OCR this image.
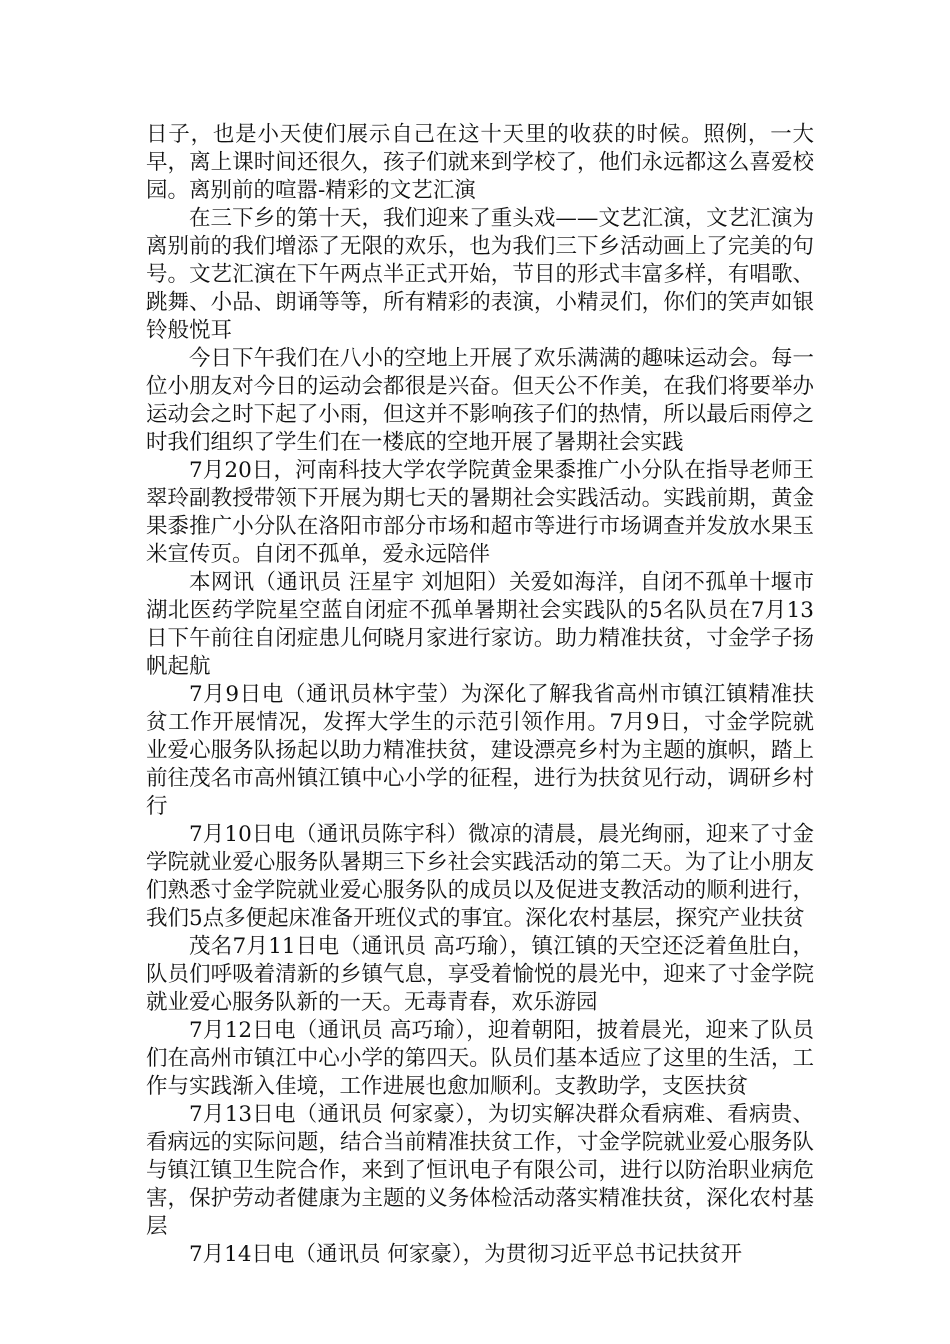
日子，也是小天使们展示自己在这十天里的收获的时候。照例，一大早，离上课时间还很久，孩子们就来到学校了，他们永远都这么喜爱校园。离别前的喧嚣-精彩的文艺汇演

在三下乡的第十天，我们迎来了重头戏——文艺汇演，文艺汇演为离别前的我们增添了无限的欢乐，也为我们三下乡活动画上了完美的句号。文艺汇演在下午两点半正式开始，节目的形式丰富多样，有唱歌、跳舞、小品、朗诵等等，所有精彩的表演，小精灵们，你们的笑声如银铃般悦耳

今日下午我们在八小的空地上开展了欢乐满满的趣味运动会。每一位小朋友对今日的运动会都很是兴奋。但天公不作美，在我们将要举办运动会之时下起了小雨，但这并不影响孩子们的热情，所以最后雨停之时我们组织了学生们在一楼底的空地开展了暑期社会实践

7月20日，河南科技大学农学院黄金果黍推广小分队在指导老师王翠玲副教授带领下开展为期七天的暑期社会实践活动。实践前期，黄金果黍推广小分队在洛阳市部分市场和超市等进行市场调查并发放水果玉米宣传页。自闭不孤单，爱永远陪伴

本网讯（通讯员 汪星宇 刘旭阳）关爱如海洋，自闭不孤单十堰市湖北医药学院星空蓝自闭症不孤单暑期社会实践队的5名队员在7月13日下午前往自闭症患儿何晓月家进行家访。助力精准扶贫，寸金学子扬帆起航

7月9日电（通讯员林宇莹）为深化了解我省高州市镇江镇精准扶贫工作开展情况，发挥大学生的示范引领作用。7月9日，寸金学院就业爱心服务队扬起以助力精准扶贫，建设漂亮乡村为主题的旗帜，踏上前往茂名市高州镇江镇中心小学的征程，进行为扶贫见行动，调研乡村行

7月10日电（通讯员陈宇科）微凉的清晨，晨光绚丽，迎来了寸金学院就业爱心服务队暑期三下乡社会实践活动的第二天。为了让小朋友们熟悉寸金学院就业爱心服务队的成员以及促进支教活动的顺利进行，我们5点多便起床准备开班仪式的事宜。深化农村基层，探究产业扶贫

茂名7月11日电（通讯员 高巧瑜），镇江镇的天空还泛着鱼肚白，队员们呼吸着清新的乡镇气息，享受着愉悦的晨光中，迎来了寸金学院就业爱心服务队新的一天。无毒青春，欢乐游园

7月12日电（通讯员 高巧瑜），迎着朝阳，披着晨光，迎来了队员们在高州市镇江中心小学的第四天。队员们基本适应了这里的生活，工作与实践渐入佳境，工作进展也愈加顺利。支教助学，支医扶贫

7月13日电（通讯员 何家豪），为切实解决群众看病难、看病贵、看病远的实际问题，结合当前精准扶贫工作，寸金学院就业爱心服务队与镇江镇卫生院合作，来到了恒讯电子有限公司，进行以防治职业病危害，保护劳动者健康为主题的义务体检活动落实精准扶贫，深化农村基层

7月14日电（通讯员 何家豪），为贯彻习近平总书记扶贫开
